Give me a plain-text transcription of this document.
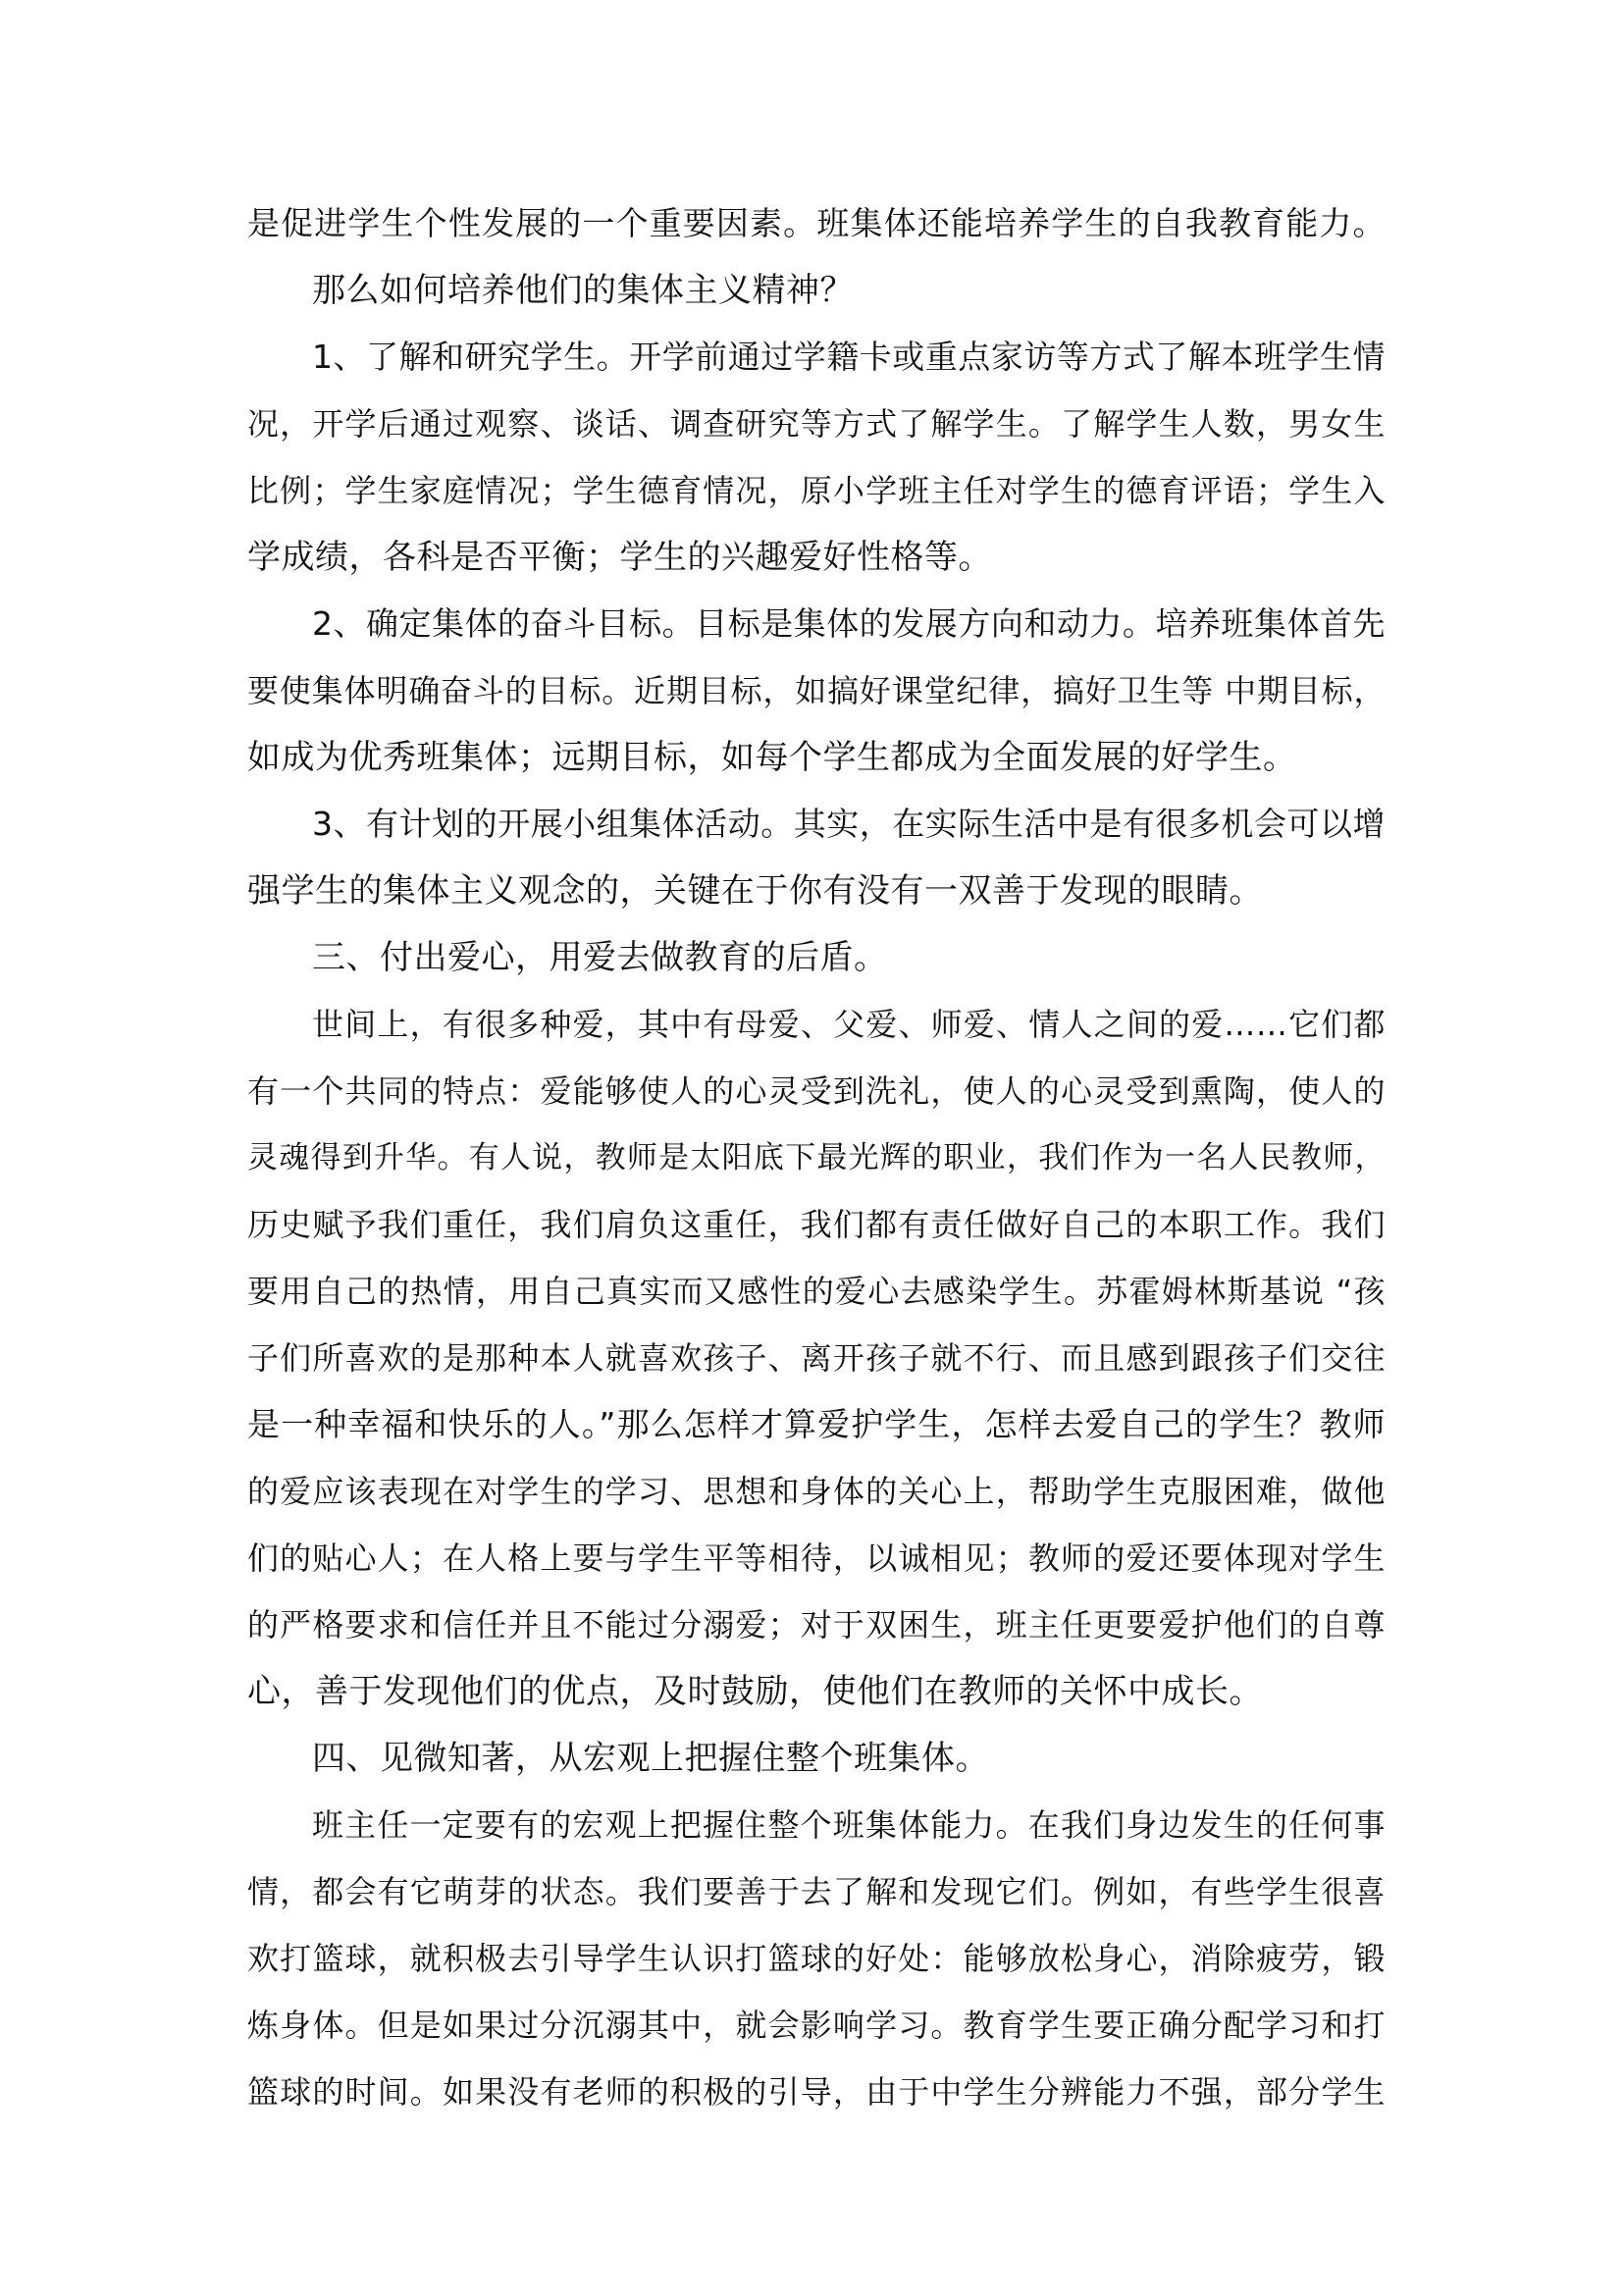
是促进学生个性发展的一个重要因素。班集体还能培养学生的自我教育能力。
那么如何培养他们的集体主义精神？
1、了解和研究学生。开学前通过学籍卡或重点家访等方式了解本班学生情
况，开学后通过观察、谈话、调查研究等方式了解学生。了解学生人数，男女生
比例；学生家庭情况；学生德育情况，原小学班主任对学生的德育评语；学生入
学成绩，各科是否平衡；学生的兴趣爱好性格等。
2、确定集体的奋斗目标。目标是集体的发展方向和动力。培养班集体首先
要使集体明确奋斗的目标。近期目标，如搞好课堂纪律，搞好卫生等 中期目标，
如成为优秀班集体；远期目标，如每个学生都成为全面发展的好学生。
3、有计划的开展小组集体活动。其实，在实际生活中是有很多机会可以增
强学生的集体主义观念的，关键在于你有没有一双善于发现的眼睛。
三、付出爱心，用爱去做教育的后盾。
世间上，有很多种爱，其中有母爱、父爱、师爱、情人之间的爱……它们都
有一个共同的特点：爱能够使人的心灵受到洗礼，使人的心灵受到熏陶，使人的
灵魂得到升华。有人说，教师是太阳底下最光辉的职业，我们作为一名人民教师，
历史赋予我们重任，我们肩负这重任，我们都有责任做好自己的本职工作。我们
要用自己的热情，用自己真实而又感性的爱心去感染学生。苏霍姆林斯基说 “孩
子们所喜欢的是那种本人就喜欢孩子、离开孩子就不行、而且感到跟孩子们交往
是一种幸福和快乐的人。”那么怎样才算爱护学生，怎样去爱自己的学生？教师
的爱应该表现在对学生的学习、思想和身体的关心上，帮助学生克服困难，做他
们的贴心人；在人格上要与学生平等相待，以诚相见；教师的爱还要体现对学生
的严格要求和信任并且不能过分溺爱；对于双困生，班主任更要爱护他们的自尊
心，善于发现他们的优点，及时鼓励，使他们在教师的关怀中成长。
四、见微知著，从宏观上把握住整个班集体。
班主任一定要有的宏观上把握住整个班集体能力。在我们身边发生的任何事
情，都会有它萌芽的状态。我们要善于去了解和发现它们。例如，有些学生很喜
欢打篮球，就积极去引导学生认识打篮球的好处：能够放松身心，消除疲劳，锻
炼身体。但是如果过分沉溺其中，就会影响学习。教育学生要正确分配学习和打
篮球的时间。如果没有老师的积极的引导，由于中学生分辨能力不强，部分学生
